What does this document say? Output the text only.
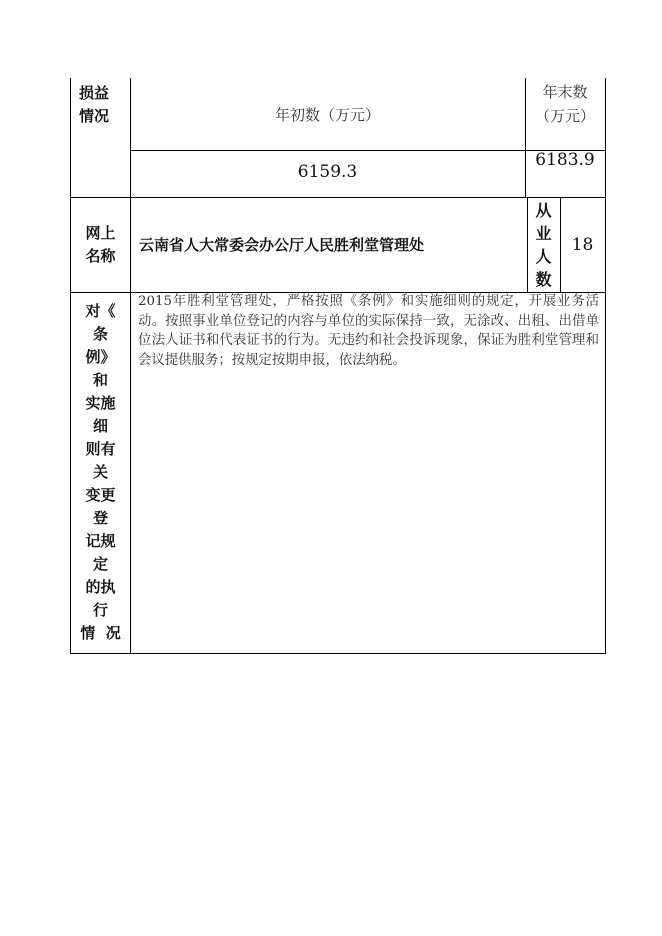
损益情况	年初数（万元）
年末数（万元）
6159.3
6183.9
网上名称
云南省人大常委会办公厅人民胜利堂管理处
从业人数
18
对《
条
例》
和
实施
细
则有
关
变更
登
记规
定
的执
行
情  况
2015年胜利堂管理处，严格按照《条例》和实施细则的规定，开展业务活动。按照事业单位登记的内容与单位的实际保持一致，无涂改、出租、出借单位法人证书和代表证书的行为。无违约和社会投诉现象，保证为胜利堂管理和会议提供服务；按规定按期申报，依法纳税。
